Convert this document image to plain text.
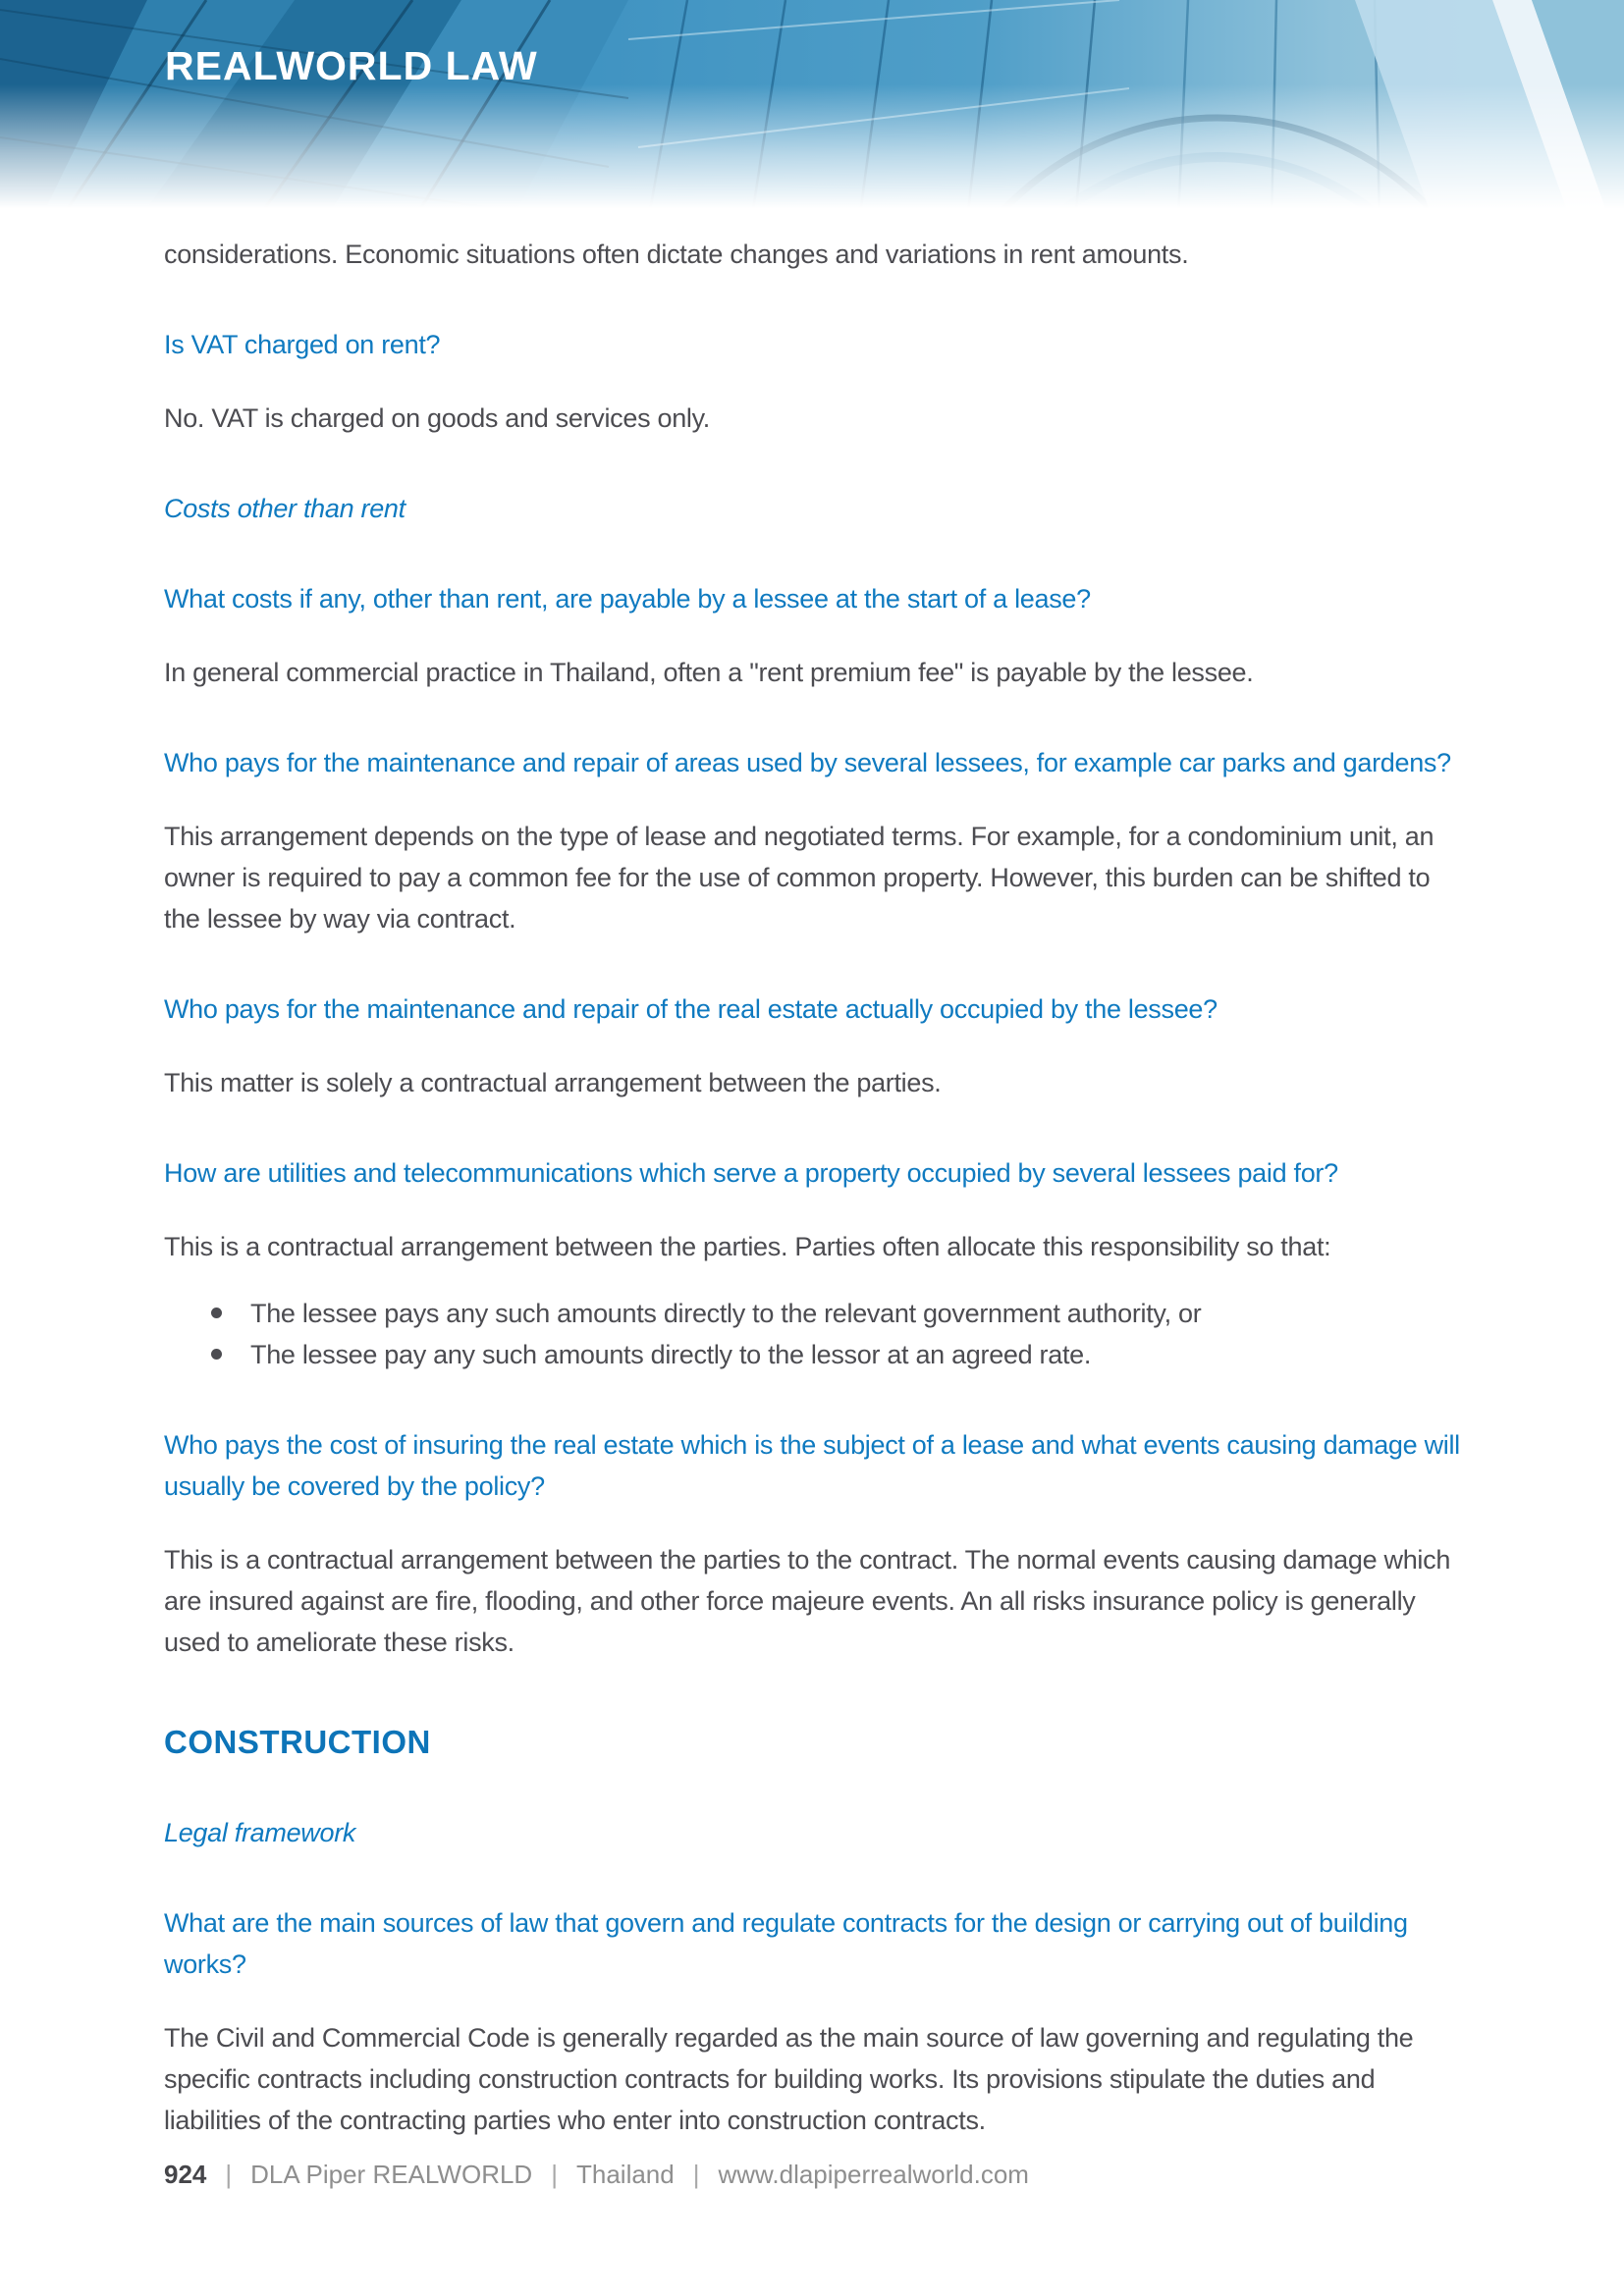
REALWORLD LAW

considerations. Economic situations often dictate changes and variations in rent amounts.

Is VAT charged on rent?

No. VAT is charged on goods and services only.

Costs other than rent

What costs if any, other than rent, are payable by a lessee at the start of a lease?

In general commercial practice in Thailand, often a "rent premium fee" is payable by the lessee.

Who pays for the maintenance and repair of areas used by several lessees, for example car parks and gardens?

This arrangement depends on the type of lease and negotiated terms. For example, for a condominium unit, an owner is required to pay a common fee for the use of common property. However, this burden can be shifted to the lessee by way via contract.

Who pays for the maintenance and repair of the real estate actually occupied by the lessee?

This matter is solely a contractual arrangement between the parties.

How are utilities and telecommunications which serve a property occupied by several lessees paid for?

This is a contractual arrangement between the parties. Parties often allocate this responsibility so that:

The lessee pays any such amounts directly to the relevant government authority, or
The lessee pay any such amounts directly to the lessor at an agreed rate.

Who pays the cost of insuring the real estate which is the subject of a lease and what events causing damage will usually be covered by the policy?

This is a contractual arrangement between the parties to the contract. The normal events causing damage which are insured against are fire, flooding, and other force majeure events. An all risks insurance policy is generally used to ameliorate these risks.

CONSTRUCTION

Legal framework

What are the main sources of law that govern and regulate contracts for the design or carrying out of building works?

The Civil and Commercial Code is generally regarded as the main source of law governing and regulating the specific contracts including construction contracts for building works. Its provisions stipulate the duties and liabilities of the contracting parties who enter into construction contracts.

924 | DLA Piper REALWORLD | Thailand | www.dlapiperrealworld.com
